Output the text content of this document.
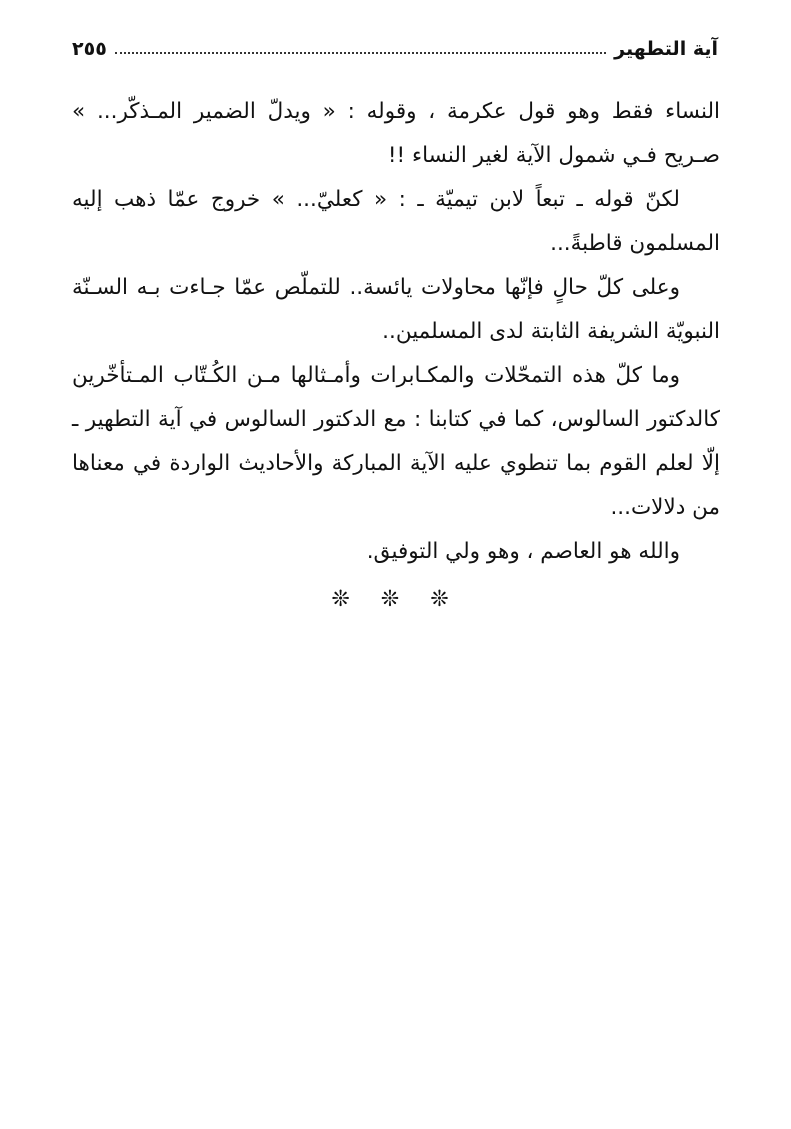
آية التطهير
٢٥٥

النساء فقط وهو قول عكرمة ، وقوله : « ويدلّ الضمير المـذكّر... » صـريح فـي شمول الآية لغير النساء !!

لكنّ قوله ـ تبعاً لابن تيميّة ـ : « كعليّ... » خروج عمّا ذهب إليه المسلمون قاطبةً...

وعلى كلّ حالٍ فإنّها محاولات يائسة.. للتملّص عمّا جـاءت بـه السـنّة النبويّة الشريفة الثابتة لدى المسلمين..

وما كلّ هذه التمحّلات والمكـابرات وأمـثالها مـن الكُـتّاب المـتأخّرين كالدكتور السالوس، كما في كتابنا : مع الدكتور السالوس في آية التطهير ـ إلّا لعلم القوم بما تنطوي عليه الآية المباركة والأحاديث الواردة في معناها من دلالات...

والله هو العاصم ، وهو ولي التوفيق.

❊ ❊ ❊
